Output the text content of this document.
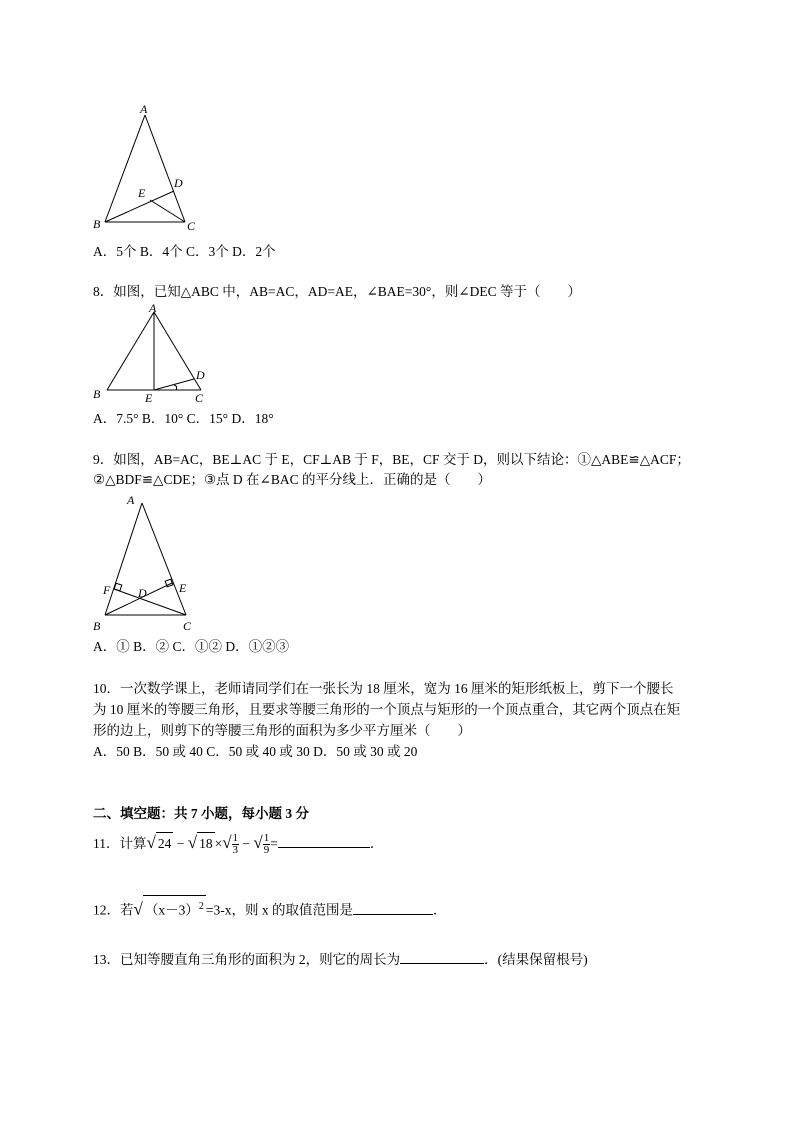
A
B	C
D
E
A．5个 B．4个 C．3个 D．2个
8．如图，已知△ABC 中，AB=AC，AD=AE，∠BAE=30°，则∠DEC 等于（　　）
A
B	C
D
E
A．7.5° B．10° C．15° D．18°
9．如图，AB=AC，BE⊥AC 于 E，CF⊥AB 于 F，BE，CF 交于 D，则以下结论：①△ABE≌△ACF；
②△BDF≌△CDE；③点 D 在∠BAC 的平分线上．正确的是（　　）
A
B	C
D	E
F
A．① B．② C．①② D．①②③
10．一次数学课上，老师请同学们在一张长为 18 厘米，宽为 16 厘米的矩形纸板上，剪下一个腰长
为 10 厘米的等腰三角形，且要求等腰三角形的一个顶点与矩形的一个顶点重合，其它两个顶点在矩
形的边上，则剪下的等腰三角形的面积为多少平方厘米（　　）
A．50 B．50 或 40 C．50 或 40 或 30 D．50 或 30 或 20
二、填空题：共 7 小题，每小题 3 分
11．计算√ 24 − √ 18 ×√ $\frac{1}{3}$ − √ $\frac{1}{9}$ =	．
12．若√ $(x-3)^2 =3-x$，则 x 的取值范围是	．
13．已知等腰直角三角形的面积为 2，则它的周长为	．(结果保留根号)
